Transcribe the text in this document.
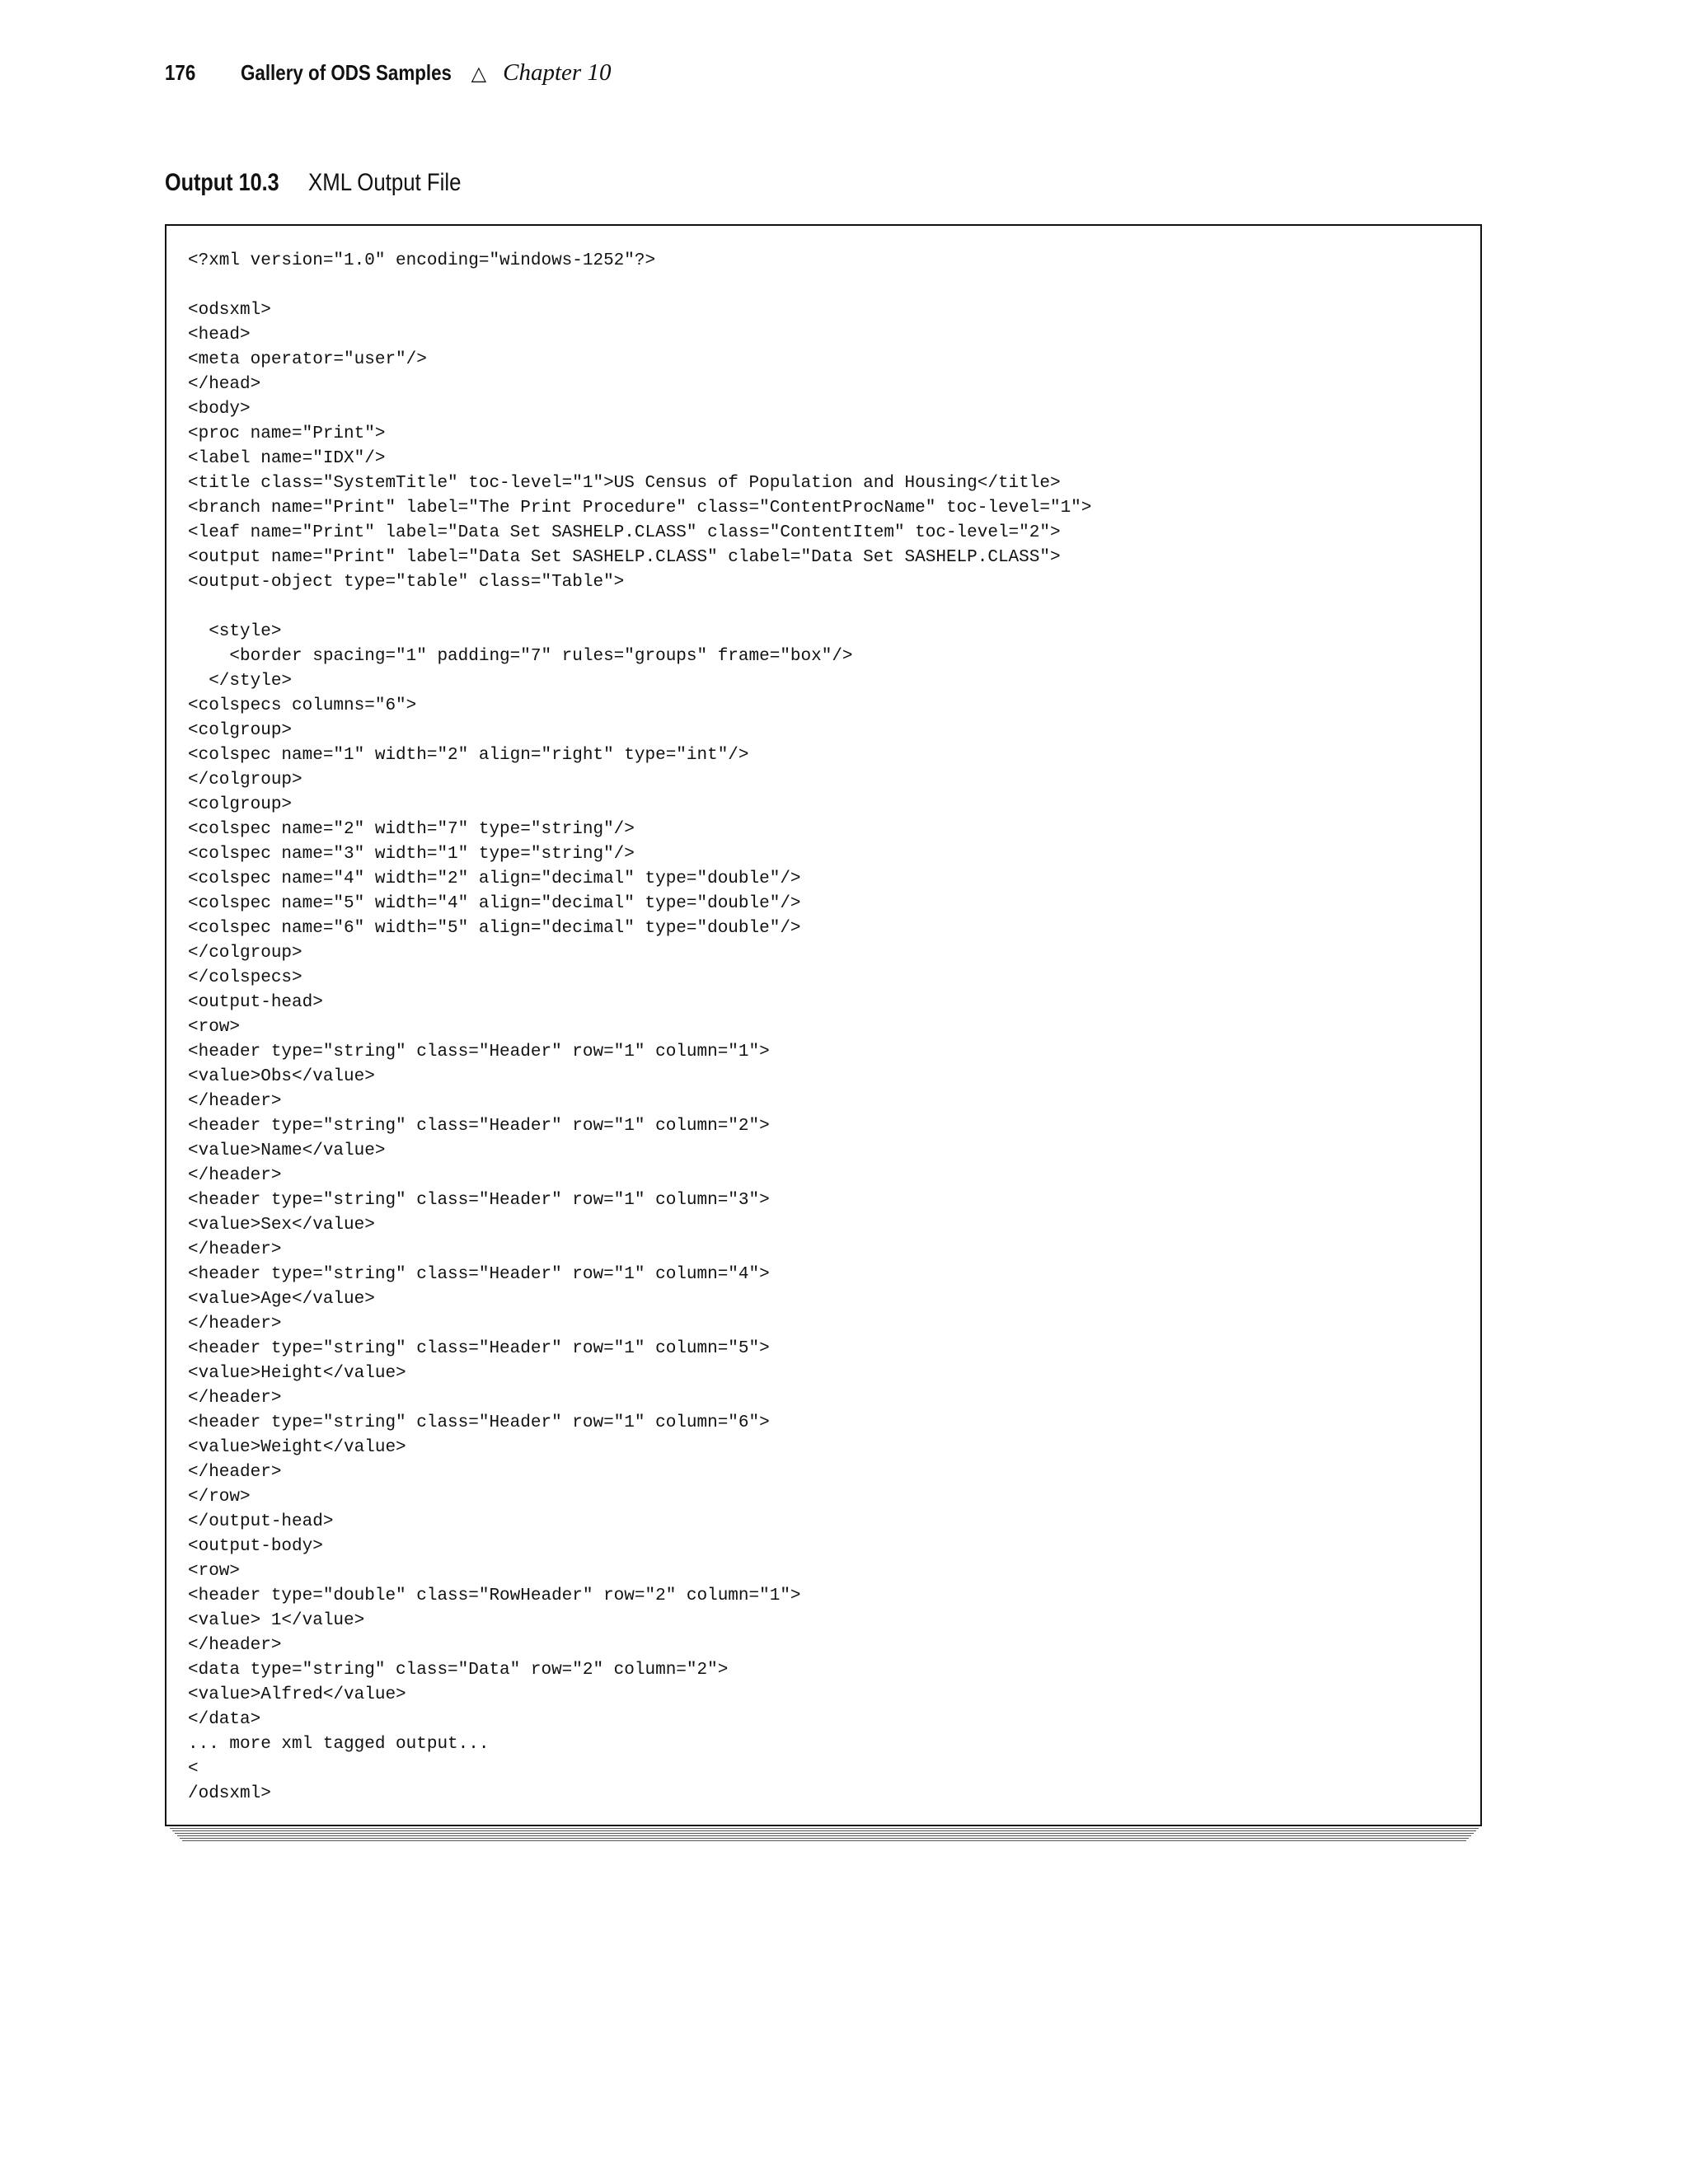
176	Gallery of ODS Samples △ Chapter 10
Output 10.3 XML Output File
<?xml version="1.0" encoding="windows-1252"?>
<odsxml>
<head>
<meta operator="user"/>
</head>
<body>
<proc name="Print">
<label name="IDX"/>
<title class="SystemTitle" toc-level="1">US Census of Population and Housing</title>
<branch name="Print" label="The Print Procedure" class="ContentProcName" toc-level="1">
<leaf name="Print" label="Data Set SASHELP.CLASS" class="ContentItem" toc-level="2">
<output name="Print" label="Data Set SASHELP.CLASS" clabel="Data Set SASHELP.CLASS">
<output-object type="table" class="Table">
<style>
<border spacing="1" padding="7" rules="groups" frame="box"/>
</style>
<colspecs columns="6">
<colgroup>
<colspec name="1" width="2" align="right" type="int"/>
</colgroup>
<colgroup>
<colspec name="2" width="7" type="string"/>
<colspec name="3" width="1" type="string"/>
<colspec name="4" width="2" align="decimal" type="double"/>
<colspec name="5" width="4" align="decimal" type="double"/>
<colspec name="6" width="5" align="decimal" type="double"/>
</colgroup>
</colspecs>
<output-head>
<row>
<header type="string" class="Header" row="1" column="1">
<value>Obs</value>
</header>
<header type="string" class="Header" row="1" column="2">
<value>Name</value>
</header>
<header type="string" class="Header" row="1" column="3">
<value>Sex</value>
</header>
<header type="string" class="Header" row="1" column="4">
<value>Age</value>
</header>
<header type="string" class="Header" row="1" column="5">
<value>Height</value>
</header>
<header type="string" class="Header" row="1" column="6">
<value>Weight</value>
</header>
</row>
</output-head>
<output-body>
<row>
<header type="double" class="RowHeader" row="2" column="1">
<value> 1</value>
</header>
<data type="string" class="Data" row="2" column="2">
<value>Alfred</value>
</data>
... more xml tagged output...
<
/odsxml>
